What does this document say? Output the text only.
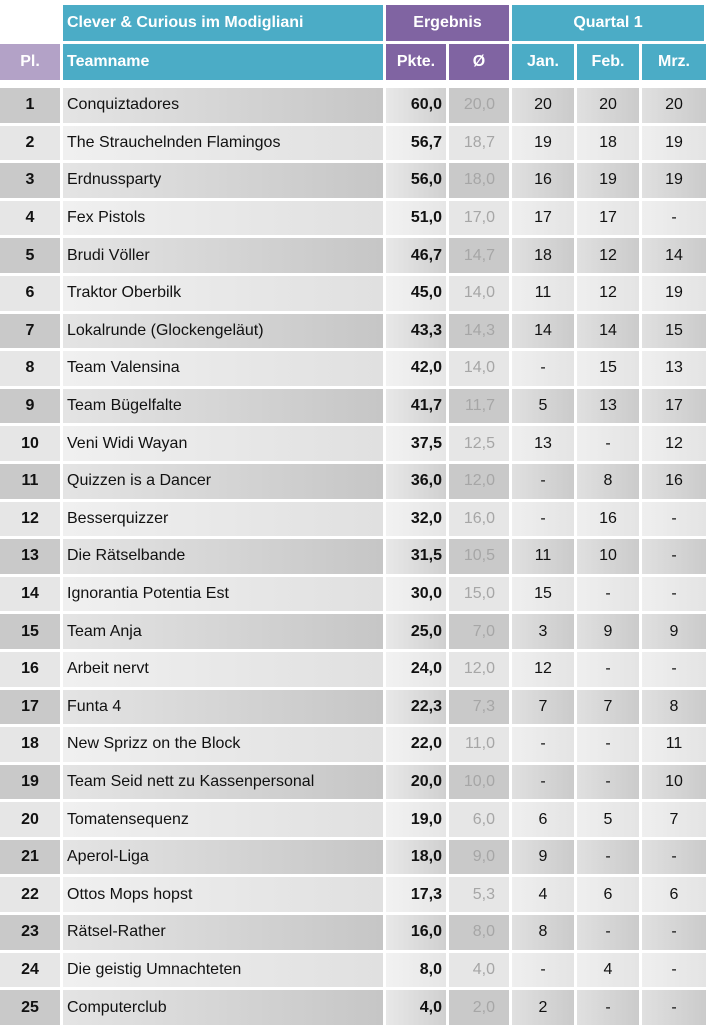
Clever & Curious im Modigliani	Ergebnis	Quartal 1
Pl.	Teamname	Pkte.	Ø	Jan.	Feb.	Mrz.
1	Conquiztadores	60,0	20,0	20	20	20
2	The Strauchelnden Flamingos	56,7	18,7	19	18	19
3	Erdnussparty	56,0	18,0	16	19	19
4	Fex Pistols	51,0	17,0	17	17	-
5	Brudi Völler	46,7	14,7	18	12	14
6	Traktor Oberbilk	45,0	14,0	11	12	19
7	Lokalrunde (Glockengeläut)	43,3	14,3	14	14	15
8	Team Valensina	42,0	14,0	-	15	13
9	Team Bügelfalte	41,7	11,7	5	13	17
10	Veni Widi Wayan	37,5	12,5	13	-	12
11	Quizzen is a Dancer	36,0	12,0	-	8	16
12	Besserquizzer	32,0	16,0	-	16	-
13	Die Rätselbande	31,5	10,5	11	10	-
14	Ignorantia Potentia Est	30,0	15,0	15	-	-
15	Team Anja	25,0	7,0	3	9	9
16	Arbeit nervt	24,0	12,0	12	-	-
17	Funta 4	22,3	7,3	7	7	8
18	New Sprizz on the Block	22,0	11,0	-	-	11
19	Team Seid nett zu Kassenpersonal	20,0	10,0	-	-	10
20	Tomatensequenz	19,0	6,0	6	5	7
21	Aperol-Liga	18,0	9,0	9	-	-
22	Ottos Mops hopst	17,3	5,3	4	6	6
23	Rätsel-Rather	16,0	8,0	8	-	-
24	Die geistig Umnachteten	8,0	4,0	-	4	-
25	Computerclub	4,0	2,0	2	-	-
